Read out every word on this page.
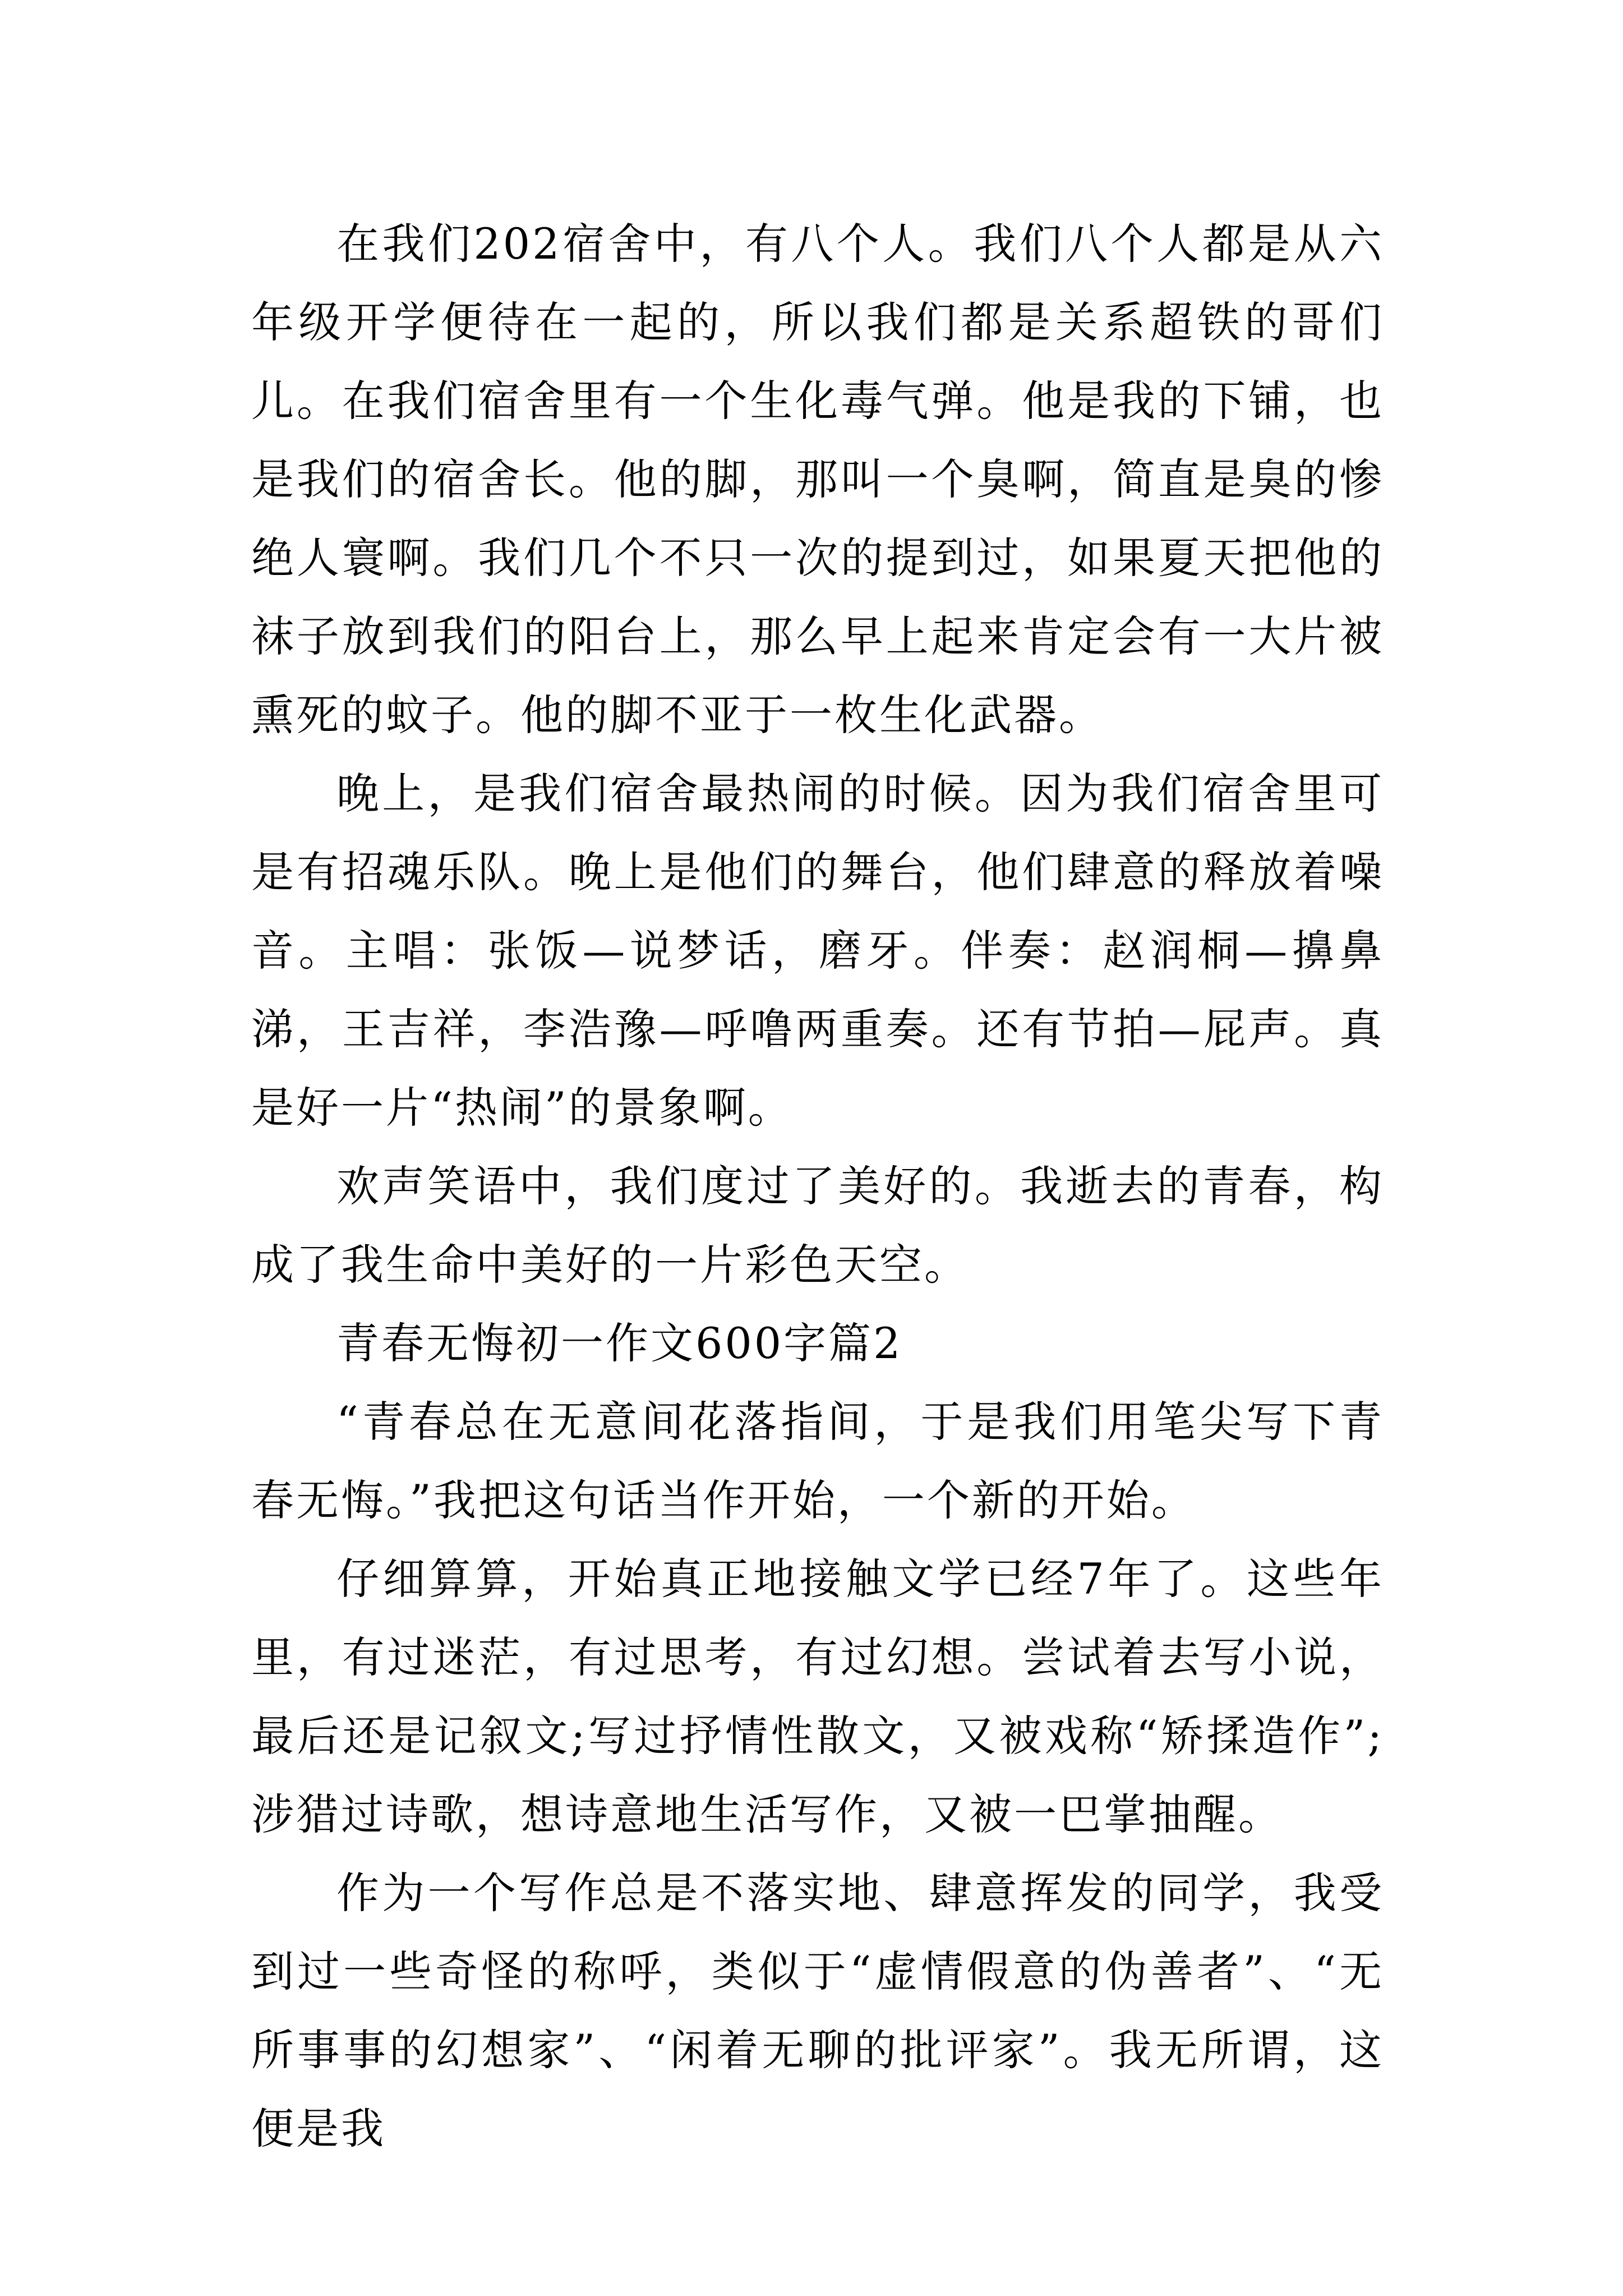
在我们202宿舍中，有八个人。我们八个人都是从六年级开学便待在一起的，所以我们都是关系超铁的哥们儿。在我们宿舍里有一个生化毒气弹。他是我的下铺，也是我们的宿舍长。他的脚，那叫一个臭啊，简直是臭的惨绝人寰啊。我们几个不只一次的提到过，如果夏天把他的袜子放到我们的阳台上，那么早上起来肯定会有一大片被熏死的蚊子。他的脚不亚于一枚生化武器。

晚上，是我们宿舍最热闹的时候。因为我们宿舍里可是有招魂乐队。晚上是他们的舞台，他们肆意的释放着噪音。主唱：张饭—说梦话，磨牙。伴奏：赵润桐—擤鼻涕，王吉祥，李浩豫—呼噜两重奏。还有节拍—屁声。真是好一片“热闹”的景象啊。

欢声笑语中，我们度过了美好的。我逝去的青春，构成了我生命中美好的一片彩色天空。

青春无悔初一作文600字篇2

“青春总在无意间花落指间，于是我们用笔尖写下青春无悔。”我把这句话当作开始，一个新的开始。

仔细算算，开始真正地接触文学已经7年了。这些年里，有过迷茫，有过思考，有过幻想。尝试着去写小说，最后还是记叙文;写过抒情性散文，又被戏称“矫揉造作”;涉猎过诗歌，想诗意地生活写作，又被一巴掌抽醒。

作为一个写作总是不落实地、肆意挥发的同学，我受到过一些奇怪的称呼，类似于“虚情假意的伪善者”、“无所事事的幻想家”、“闲着无聊的批评家”。我无所谓，这便是我
